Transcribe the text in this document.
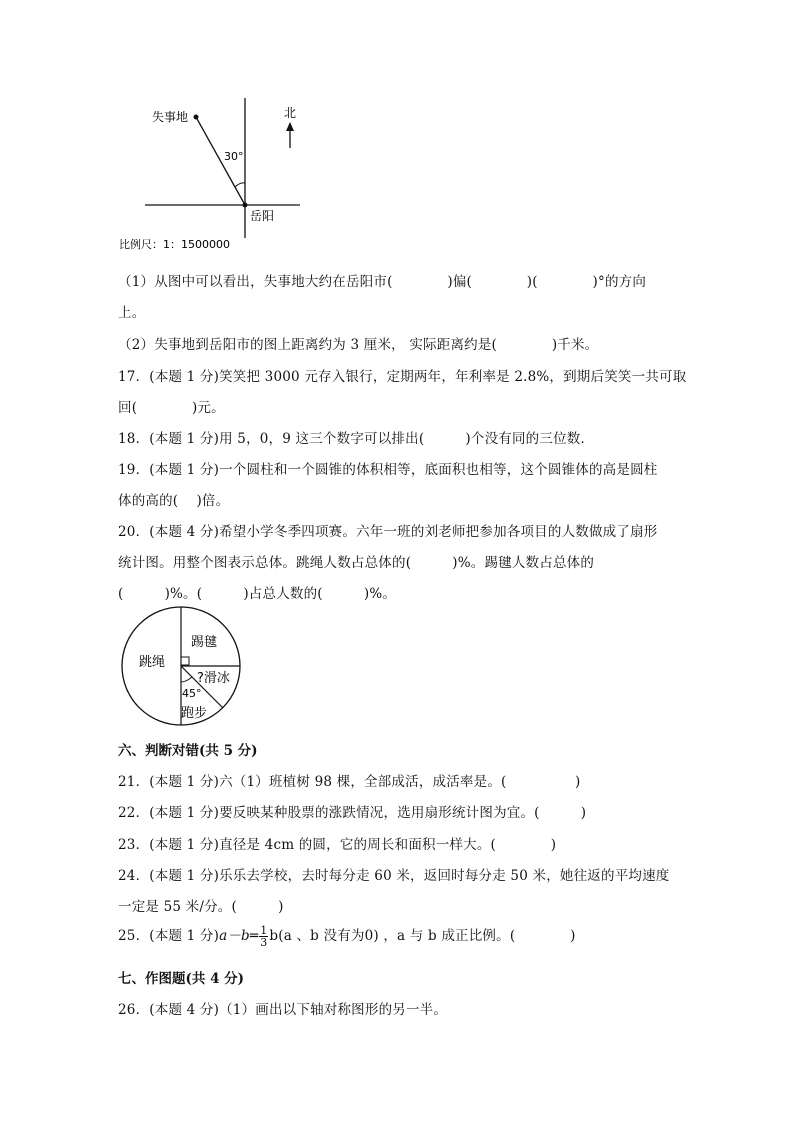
失事地
岳阳
30°
北
比例尺：1：1500000
（1）从图中可以看出，失事地大约在岳阳市(　　　　)偏(　　　　)(　　　　)°的方向
上。
（2）失事地到岳阳市的图上距离约为 3 厘米， 实际距离约是(　　　　)千米。
17．(本题 1 分)笑笑把 3000 元存入银行，定期两年，年利率是 2.8%，到期后笑笑一共可取
回(　　　　)元。
18．(本题 1 分)用 5，0，9 这三个数字可以排出(　　　)个没有同的三位数．
19．(本题 1 分)一个圆柱和一个圆锥的体积相等，底面积也相等，这个圆锥体的高是圆柱
体的高的(　 )倍。
20．(本题 4 分)希望小学冬季四项赛。六年一班的刘老师把参加各项目的人数做成了扇形
统计图。用整个图表示总体。跳绳人数占总体的(　　　)%。踢毽人数占总体的
(　　　)%。(　　　)占总人数的(　　　)%。
跳绳
踢毽
?滑冰
45°
跑步
六、判断对错(共 5 分)
21．(本题 1 分)六（1）班植树 98 棵，全部成活，成活率是。(　　　　　)
22．(本题 1 分)要反映某种股票的涨跌情况，选用扇形统计图为宜。(　　　)
23．(本题 1 分)直径是 4cm 的圆，它的周长和面积一样大。(　　　　)
24．(本题 1 分)乐乐去学校，去时每分走 60 米，返回时每分走 50 米，她往返的平均速度
一定是 55 米/分。(　　　)
25．(本题 1 分)a－b═ $\frac{1}{3} b(a$ 、b 没有为0) ，a 与 b 成正比例。(　　　　)
七、作图题(共 4 分)
26．(本题 4 分)（1）画出以下轴对称图形的另一半。
